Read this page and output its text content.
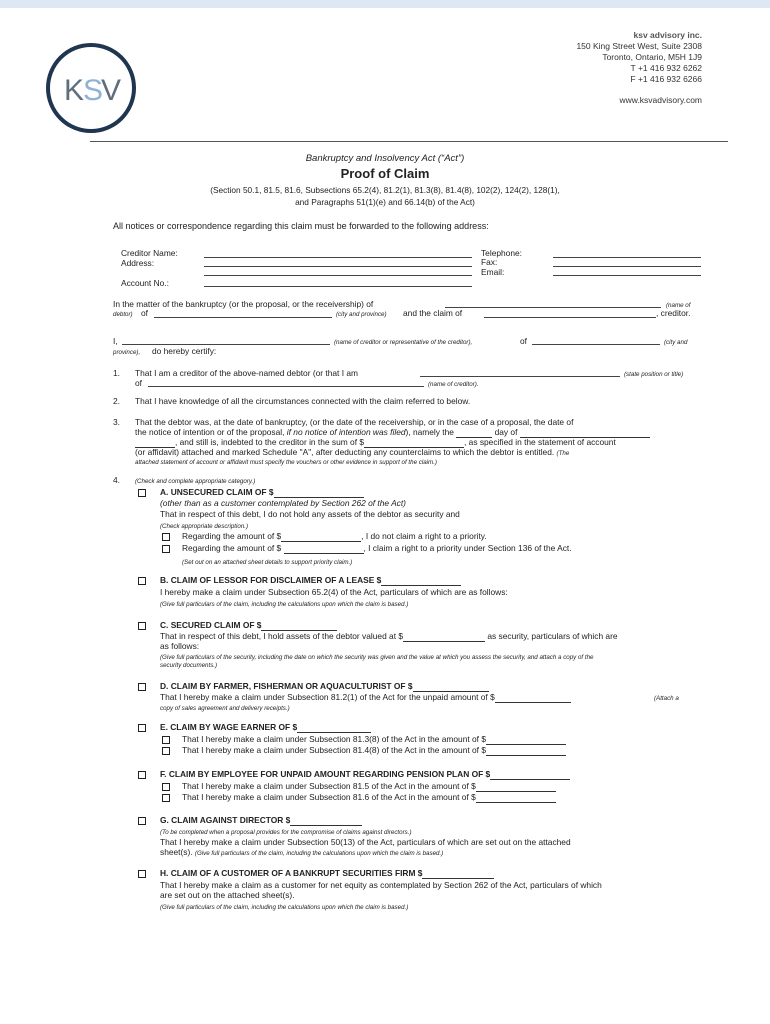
K
S
V
ksv advisory inc.
150 King Street West, Suite 2308
Toronto, Ontario, M5H 1J9
T +1 416 932 6262
F +1 416 932 6266
www.ksvadvisory.com
Bankruptcy and Insolvency Act (“Act”)
Proof of Claim
(Section 50.1, 81.5, 81.6, Subsections 65.2(4), 81.2(1), 81.3(8), 81.4(8), 102(2), 124(2), 128(1),
and Paragraphs 51(1)(e) and 66.14(b) of the Act)
All notices or correspondence regarding this claim must be forwarded to the following address:
Creditor Name:
Address:
Account No.:
Telephone:
Fax:
Email:
In the matter of the bankruptcy (or the proposal, or the receivership) of	(name of
debtor) of	(city and province) and the claim of	, creditor.
I,	(name of creditor or representative of the creditor),	of	(city and
province), do hereby certify:
1. That I am a creditor of the above-named debtor (or that I am	(state position or title)
of	(name of creditor).
2. That I have knowledge of all the circumstances connected with the claim referred to below.
3. That the debtor was, at the date of bankruptcy, (or the date of the receivership, or in the case of a proposal, the date of
the notice of intention or of the proposal, if no notice of intention was filed), namely the	day of
, and still is, indebted to the creditor in the sum of $	, as specified in the statement of account
(or affidavit) attached and marked Schedule "A", after deducting any counterclaims to which the debtor is entitled. (The
attached statement of account or affidavit must specify the vouchers or other evidence in support of the claim.)
4. (Check and complete appropriate category.)
A. UNSECURED CLAIM OF $
(other than as a customer contemplated by Section 262 of the Act)
That in respect of this debt, I do not hold any assets of the debtor as security and
(Check appropriate description.)
Regarding the amount of $	, I do not claim a right to a priority.
Regarding the amount of $	, I claim a right to a priority under Section 136 of the Act.
(Set out on an attached sheet details to support priority claim.)
B. CLAIM OF LESSOR FOR DISCLAIMER OF A LEASE $
I hereby make a claim under Subsection 65.2(4) of the Act, particulars of which are as follows:
(Give full particulars of the claim, including the calculations upon which the claim is based.)
C. SECURED CLAIM OF $
That in respect of this debt, I hold assets of the debtor valued at $	as security, particulars of which are
as follows:
(Give full particulars of the security, including the date on which the security was given and the value at which you assess the security, and attach a copy of the
security documents.)
D. CLAIM BY FARMER, FISHERMAN OR AQUACULTURIST OF $
That I hereby make a claim under Subsection 81.2(1) of the Act for the unpaid amount of $	(Attach a
copy of sales agreement and delivery receipts.)
E. CLAIM BY WAGE EARNER OF $
That I hereby make a claim under Subsection 81.3(8) of the Act in the amount of $
That I hereby make a claim under Subsection 81.4(8) of the Act in the amount of $
F. CLAIM BY EMPLOYEE FOR UNPAID AMOUNT REGARDING PENSION PLAN OF $
That I hereby make a claim under Subsection 81.5 of the Act in the amount of $
That I hereby make a claim under Subsection 81.6 of the Act in the amount of $
G. CLAIM AGAINST DIRECTOR $
(To be completed when a proposal provides for the compromise of claims against directors.)
That I hereby make a claim under Subsection 50(13) of the Act, particulars of which are set out on the attached
sheet(s). (Give full particulars of the claim, including the calculations upon which the claim is based.)
H. CLAIM OF A CUSTOMER OF A BANKRUPT SECURITIES FIRM $
That I hereby make a claim as a customer for net equity as contemplated by Section 262 of the Act, particulars of which
are set out on the attached sheet(s).
(Give full particulars of the claim, including the calculations upon which the claim is based.)
